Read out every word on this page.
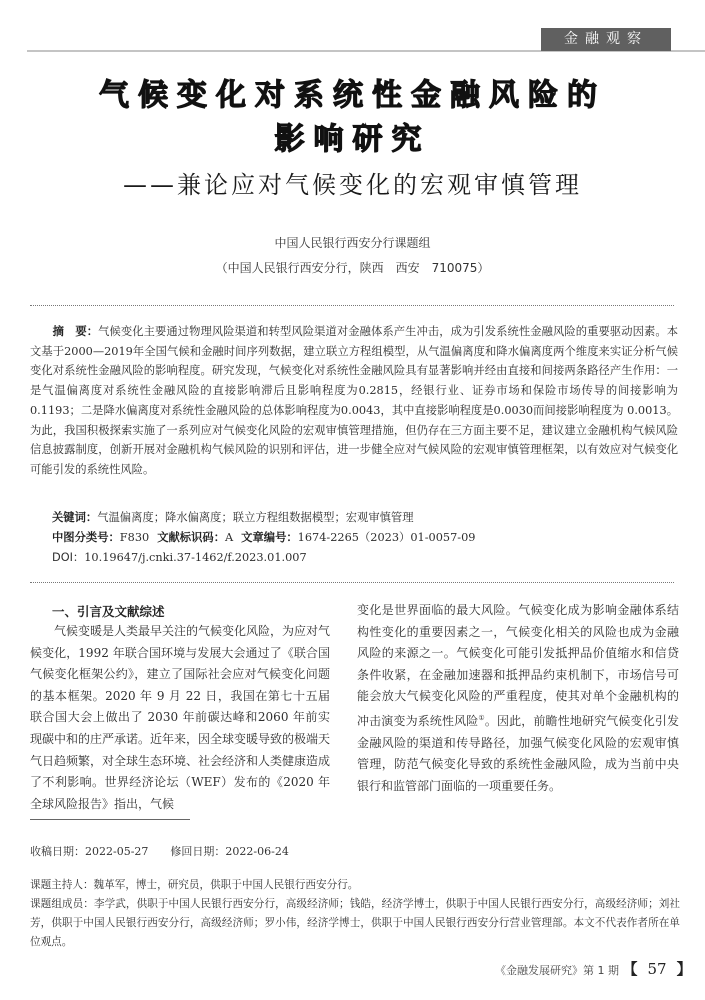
金融观察
气候变化对系统性金融风险的
影响研究
——兼论应对气候变化的宏观审慎管理
中国人民银行西安分行课题组
（中国人民银行西安分行，陕西　西安　710075）
摘　要：气候变化主要通过物理风险渠道和转型风险渠道对金融体系产生冲击，成为引发系统性金融风险的重要驱动因素。本文基于2000—2019年全国气候和金融时间序列数据，建立联立方程组模型，从气温偏离度和降水偏离度两个维度来实证分析气候变化对系统性金融风险的影响程度。研究发现，气候变化对系统性金融风险具有显著影响并经由直接和间接两条路径产生作用：一是气温偏离度对系统性金融风险的直接影响滞后且影响程度为0.2815，经银行业、证券市场和保险市场传导的间接影响为0.1193；二是降水偏离度对系统性金融风险的总体影响程度为0.0043，其中直接影响程度是0.0030而间接影响程度为 0.0013。为此，我国积极探索实施了一系列应对气候变化风险的宏观审慎管理措施，但仍存在三方面主要不足，建议建立金融机构气候风险信息披露制度，创新开展对金融机构气候风险的识别和评估，进一步健全应对气候风险的宏观审慎管理框架，以有效应对气候变化可能引发的系统性风险。
关键词：气温偏离度；降水偏离度；联立方程组数据模型；宏观审慎管理
中图分类号：F830 文献标识码：A 文章编号：1674-2265（2023）01-0057-09
DOI：10.19647/j.cnki.37-1462/f.2023.01.007
一、引言及文献综述
气候变暖是人类最早关注的气候变化风险，为应对气候变化，1992 年联合国环境与发展大会通过了《联合国气候变化框架公约》，建立了国际社会应对气候变化问题的基本框架。2020 年 9 月 22 日，我国在第七十五届联合国大会上做出了 2030 年前碳达峰和2060 年前实现碳中和的庄严承诺。近年来，因全球变暖导致的极端天气日趋频繁，对全球生态环境、社会经济和人类健康造成了不利影响。世界经济论坛（WEF）发布的《2020 年全球风险报告》指出，气候
变化是世界面临的最大风险。气候变化成为影响金融体系结构性变化的重要因素之一，气候变化相关的风险也成为金融风险的来源之一。气候变化可能引发抵押品价值缩水和信贷条件收紧，在金融加速器和抵押品约束机制下，市场信号可能会放大气候变化风险的严重程度，使其对单个金融机构的冲击演变为系统性风险①。因此，前瞻性地研究气候变化引发金融风险的渠道和传导路径，加强气候变化风险的宏观审慎管理，防范气候变化导致的系统性金融风险，成为当前中央银行和监管部门面临的一项重要任务。
收稿日期：2022-05-27 修回日期：2022-06-24
课题主持人：魏革军，博士，研究员，供职于中国人民银行西安分行。
课题组成员：李学武，供职于中国人民银行西安分行，高级经济师；钱皓，经济学博士，供职于中国人民银行西安分行，高级经济师；刘社芳，供职于中国人民银行西安分行，高级经济师；罗小伟，经济学博士，供职于中国人民银行西安分行营业管理部。本文不代表作者所在单位观点。
《金融发展研究》第 1 期 【 57 】
